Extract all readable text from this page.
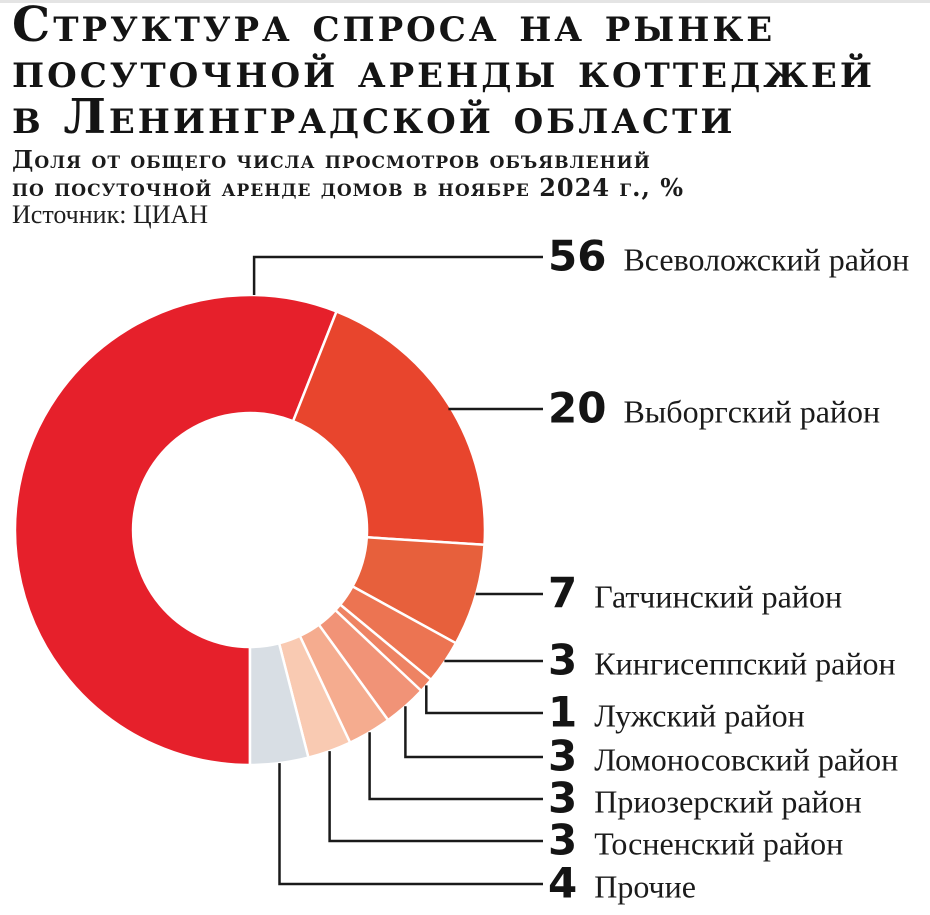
Структура спроса на рынке
посуточной аренды коттеджей
в Ленинградской области
Доля от общего числа просмотров объявлений
по посуточной аренде домов в ноябре 2024 г., %
Источник: ЦИАН
56 Всеволожский район
20 Выборгский район
7 Гатчинский район
3 Кингисеппский район
1 Лужский район
3 Ломоносовский район
3 Приозерский район
3 Тосненский район
4 Прочие
